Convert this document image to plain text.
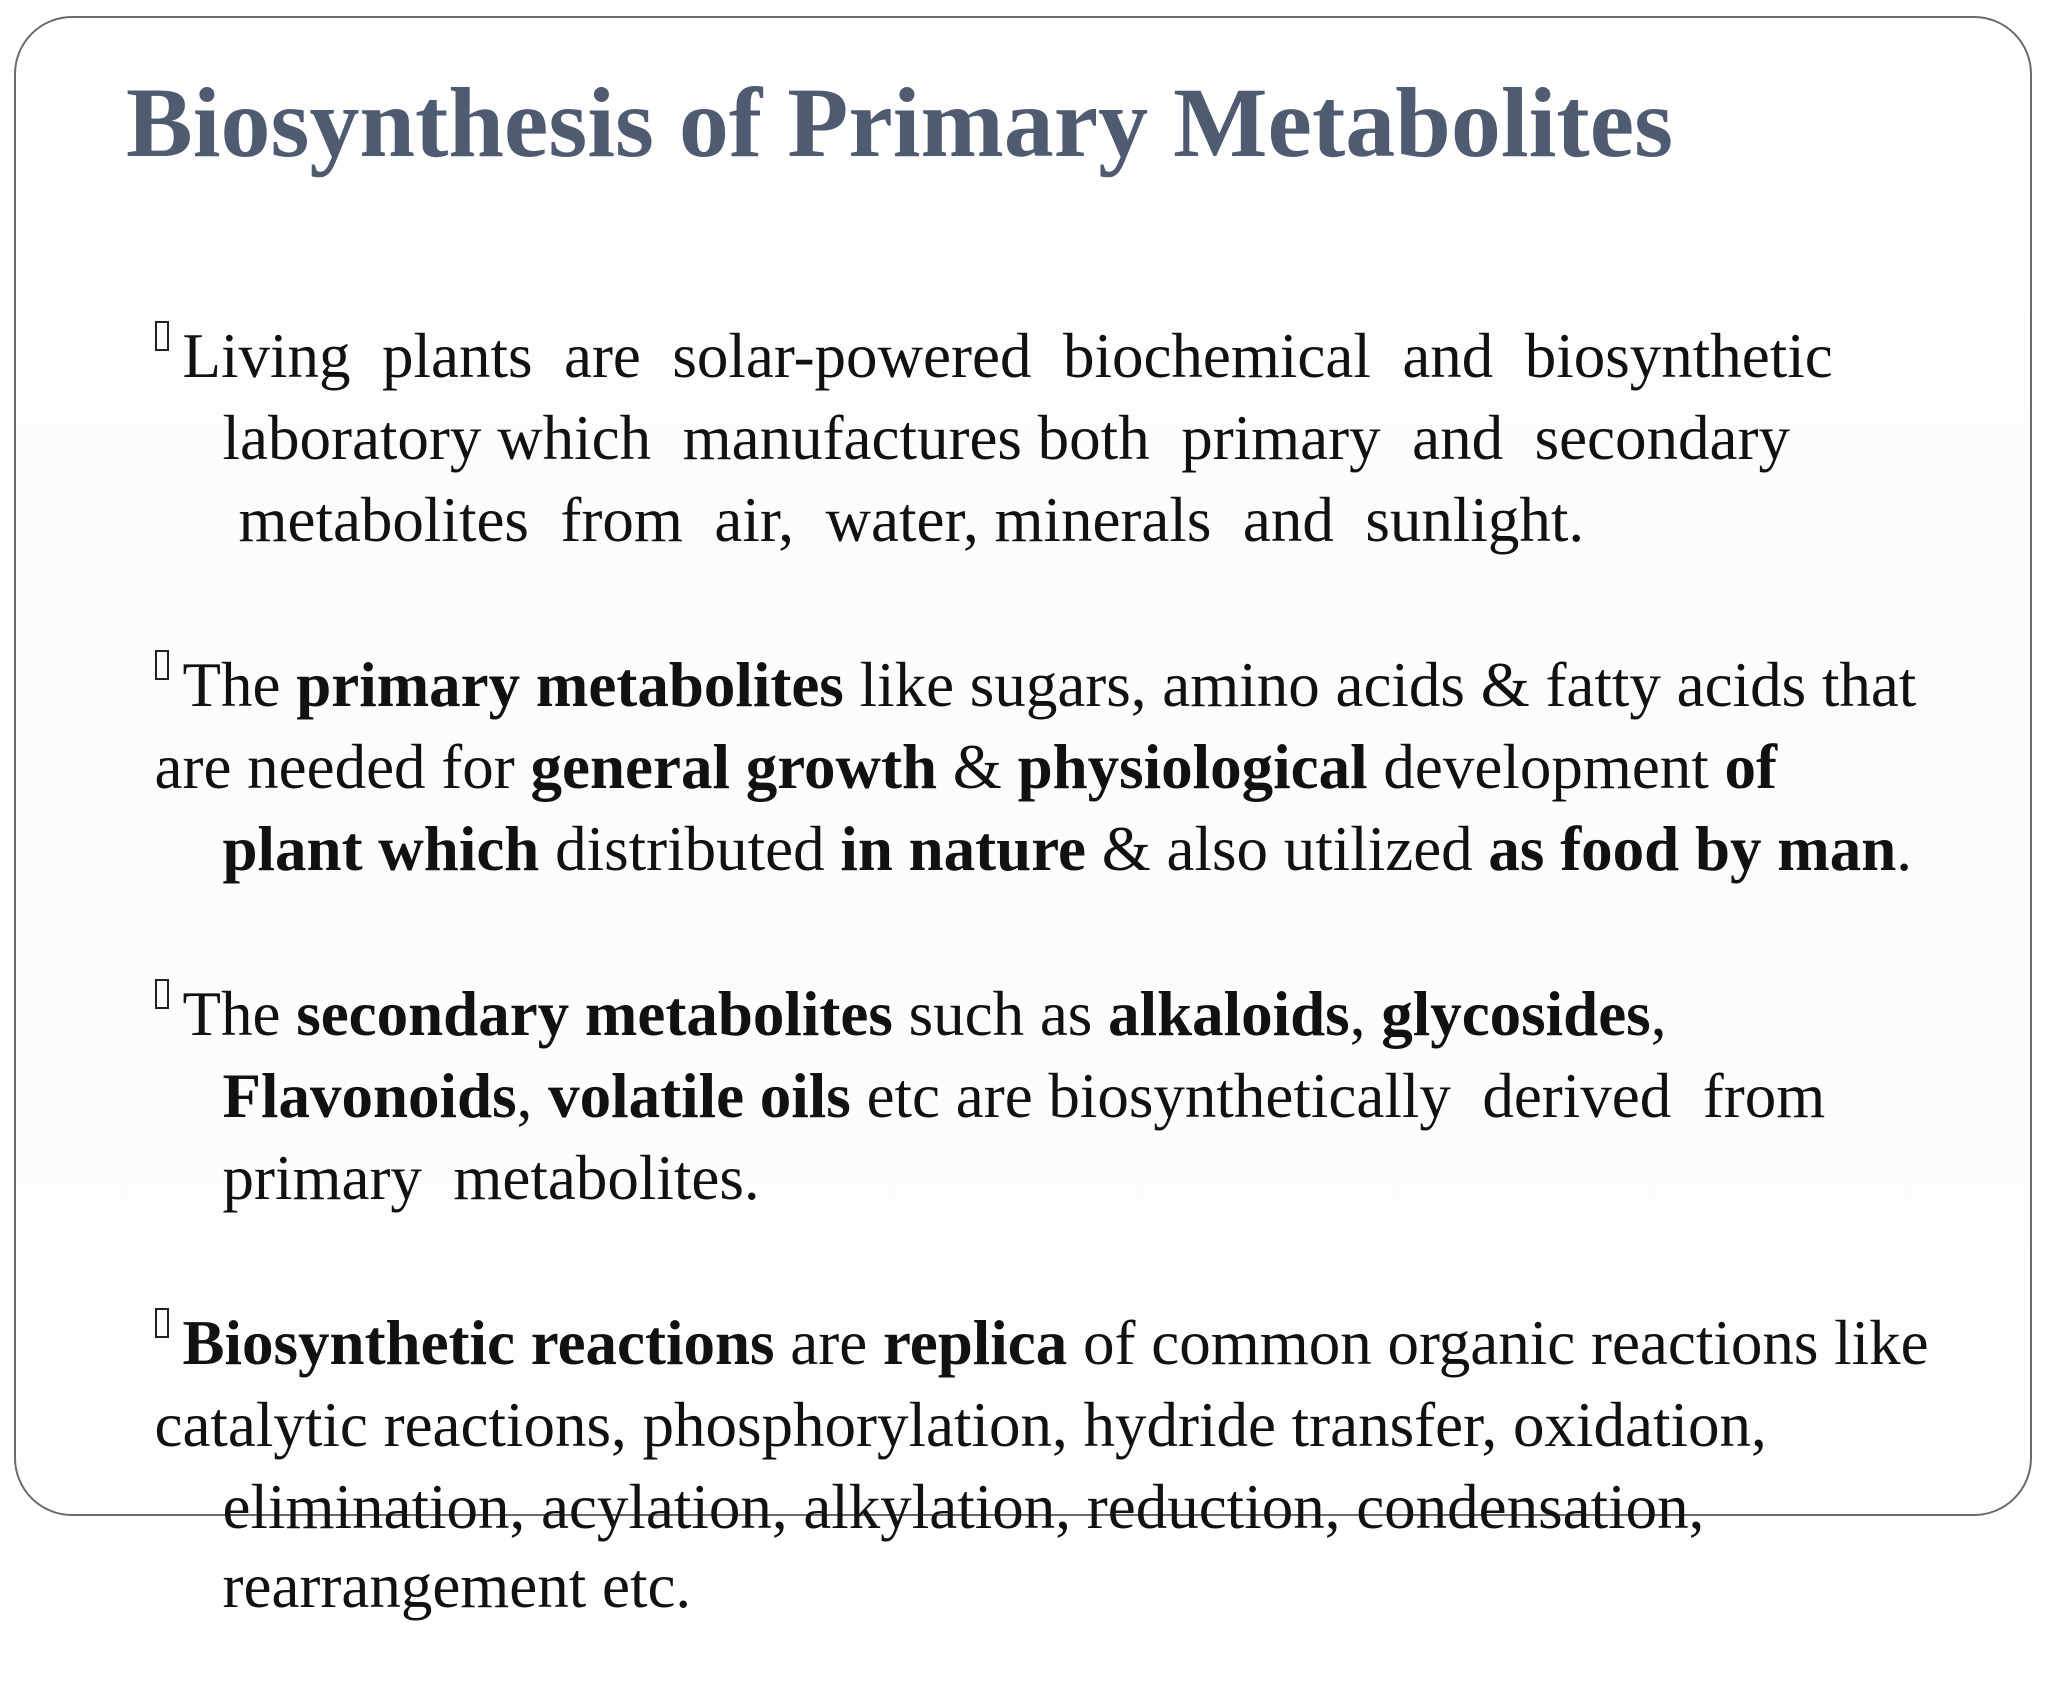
Biosynthesis of Primary Metabolites

Living  plants  are  solar-powered  biochemical  and  biosynthetic

laboratory which  manufactures both  primary  and  secondary

metabolites  from  air,  water, minerals  and  sunlight.

The primary metabolites like sugars, amino acids & fatty acids that

are needed for general growth & physiological development of

plant which distributed in nature & also utilized as food by man.

The secondary metabolites such as alkaloids, glycosides,

Flavonoids, volatile oils etc are biosynthetically  derived  from

primary  metabolites.

Biosynthetic reactions are replica of common organic reactions like

catalytic reactions, phosphorylation, hydride transfer, oxidation,

elimination, acylation, alkylation, reduction, condensation,

rearrangement etc.
